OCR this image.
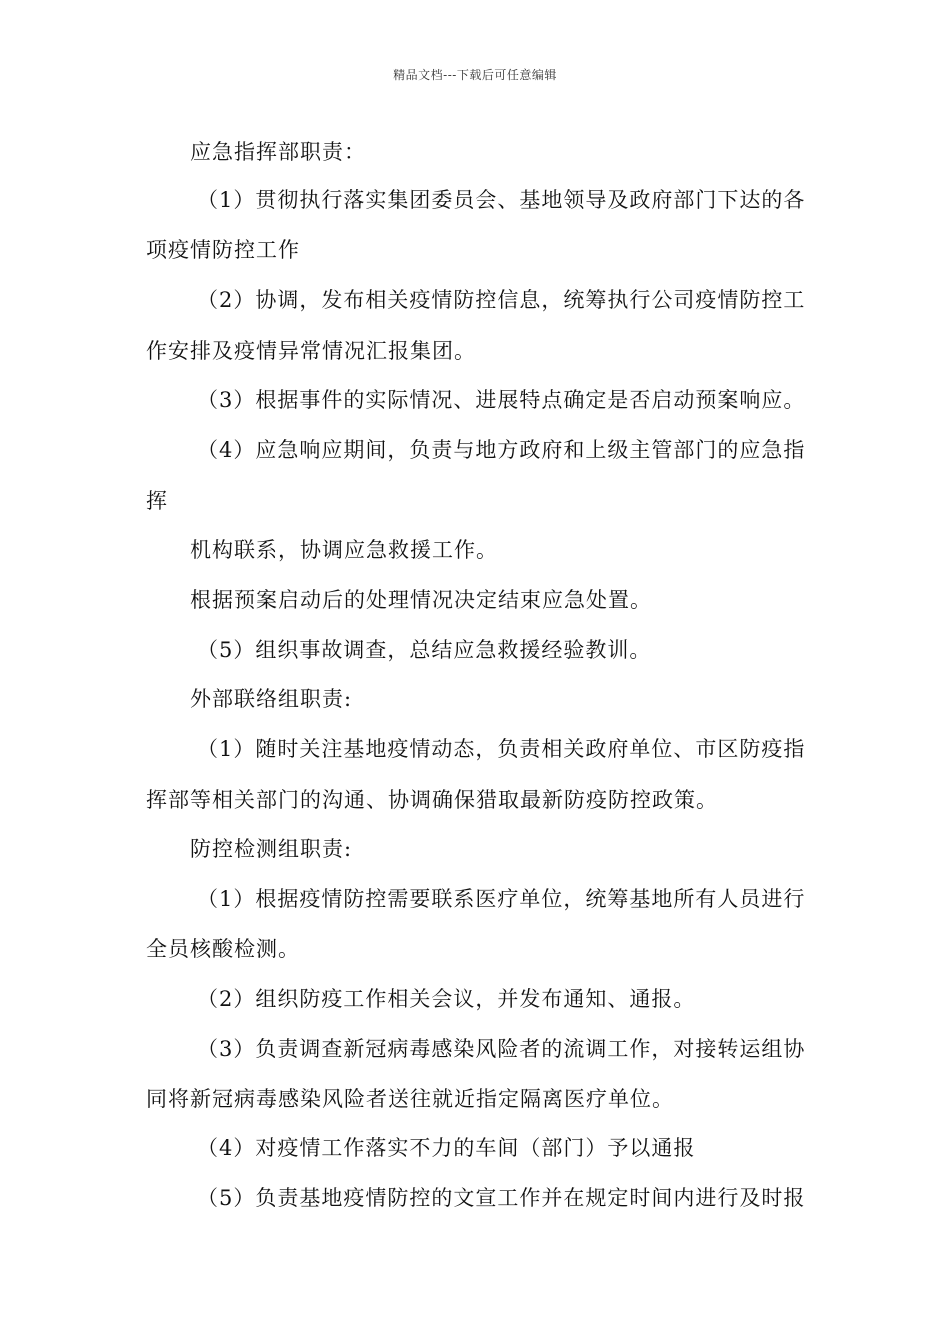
精品文档---下载后可任意编辑
应急指挥部职责：
（1）贯彻执行落实集团委员会、基地领导及政府部门下达的各
项疫情防控工作
（2）协调，发布相关疫情防控信息，统筹执行公司疫情防控工
作安排及疫情异常情况汇报集团。
（3）根据事件的实际情况、进展特点确定是否启动预案响应。
（4）应急响应期间，负责与地方政府和上级主管部门的应急指
挥
机构联系，协调应急救援工作。
根据预案启动后的处理情况决定结束应急处置。
（5）组织事故调查，总结应急救援经验教训。
外部联络组职责:
（1）随时关注基地疫情动态，负责相关政府单位、市区防疫指
挥部等相关部门的沟通、协调确保猎取最新防疫防控政策。
防控检测组职责:
（1）根据疫情防控需要联系医疗单位，统筹基地所有人员进行
全员核酸检测。
（2）组织防疫工作相关会议，并发布通知、通报。
（3）负责调查新冠病毒感染风险者的流调工作，对接转运组协
同将新冠病毒感染风险者送往就近指定隔离医疗单位。
（4）对疫情工作落实不力的车间（部门）予以通报
（5）负责基地疫情防控的文宣工作并在规定时间内进行及时报
